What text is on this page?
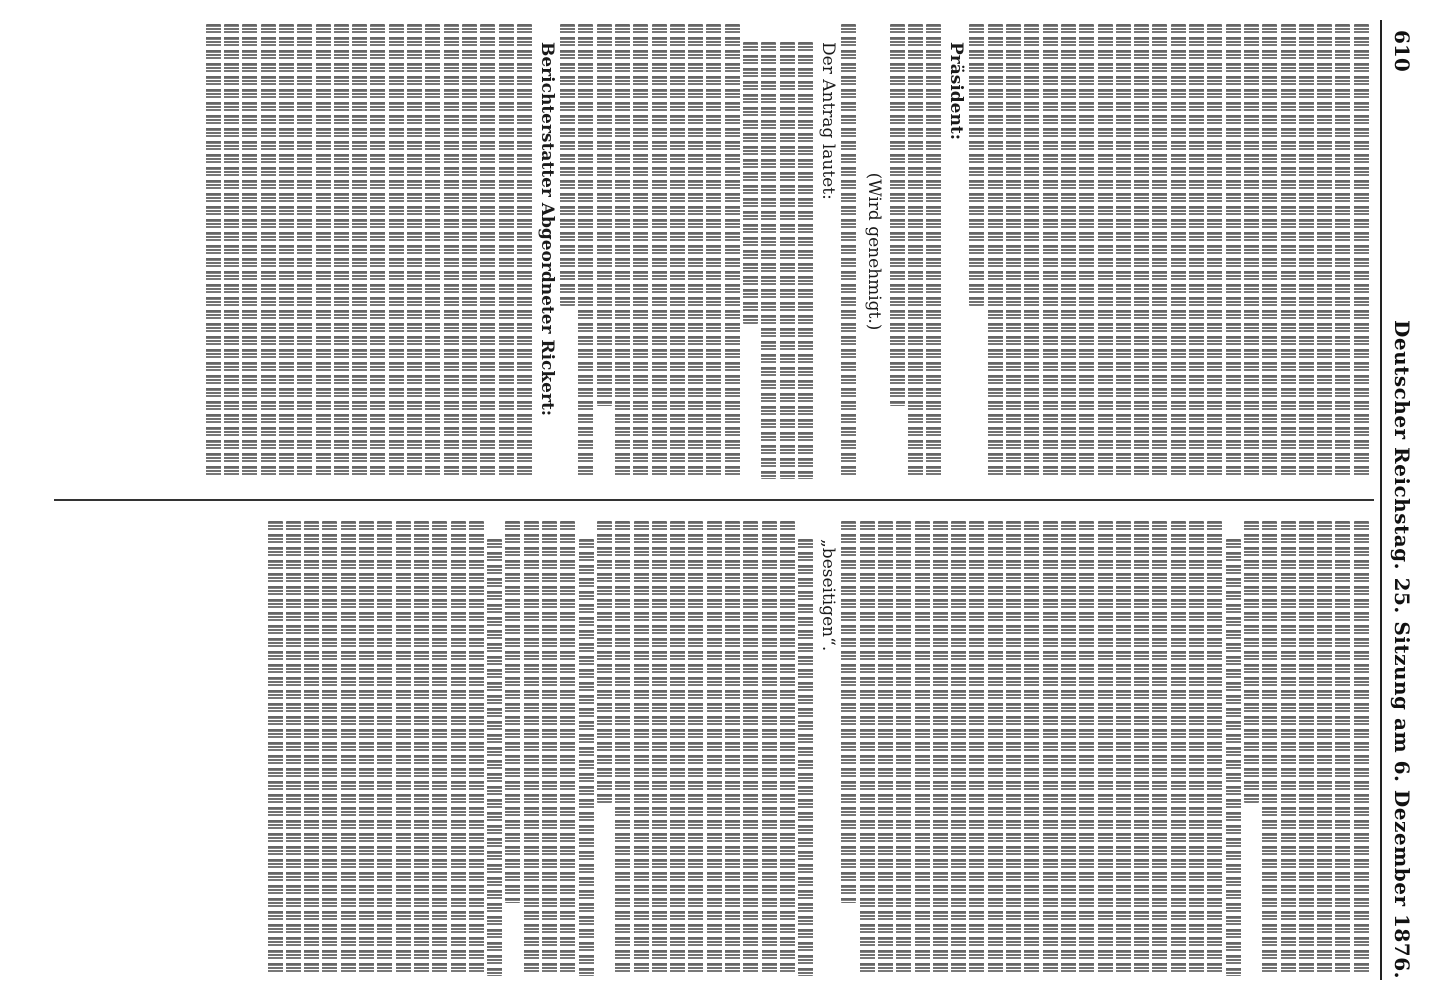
610
Deutscher Reichstag. 25. Sitzung am 6. Dezember 1876.

Präsident:

(Wird genehmigt.)

Der Antrag lautet:

Berichterstatter Abgeordneter Rickert:

„beseitigen“.
